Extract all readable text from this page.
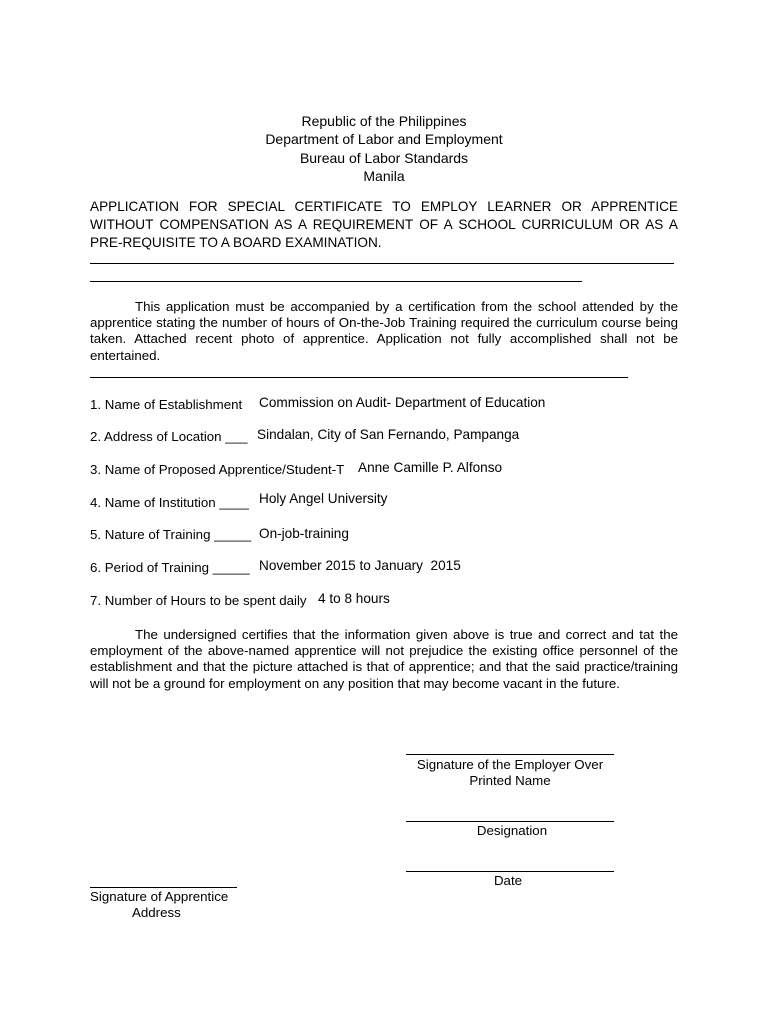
Republic of the Philippines
Department of Labor and Employment
Bureau of Labor Standards
Manila
APPLICATION FOR SPECIAL CERTIFICATE TO EMPLOY LEARNER OR APPRENTICE WITHOUT COMPENSATION AS A REQUIREMENT OF A SCHOOL CURRICULUM OR AS A PRE-REQUISITE TO A BOARD EXAMINATION.
This application must be accompanied by a certification from the school attended by the apprentice stating the number of hours of On-the-Job Training required the curriculum course being taken. Attached recent photo of apprentice. Application not fully accomplished shall not be entertained.
1. Name of Establishment Commission on Audit- Department of Education
2. Address of Location ___ Sindalan, City of San Fernando, Pampanga
3. Name of Proposed Apprentice/Student-T	Anne Camille P. Alfonso
4. Name of Institution ____ Holy Angel University
5. Nature of Training _____ On-job-training
6. Period of Training _____ November 2015 to January  2015
7. Number of Hours to be spent daily 4 to 8 hours
The undersigned certifies that the information given above is true and correct and tat the employment of the above-named apprentice will not prejudice the existing office personnel of the establishment and that the picture attached is that of apprentice; and that the said practice/training will not be a ground for employment on any position that may become vacant in the future.
Signature of the Employer Over
Printed Name
Designation
Date
Signature of Apprentice
Address
